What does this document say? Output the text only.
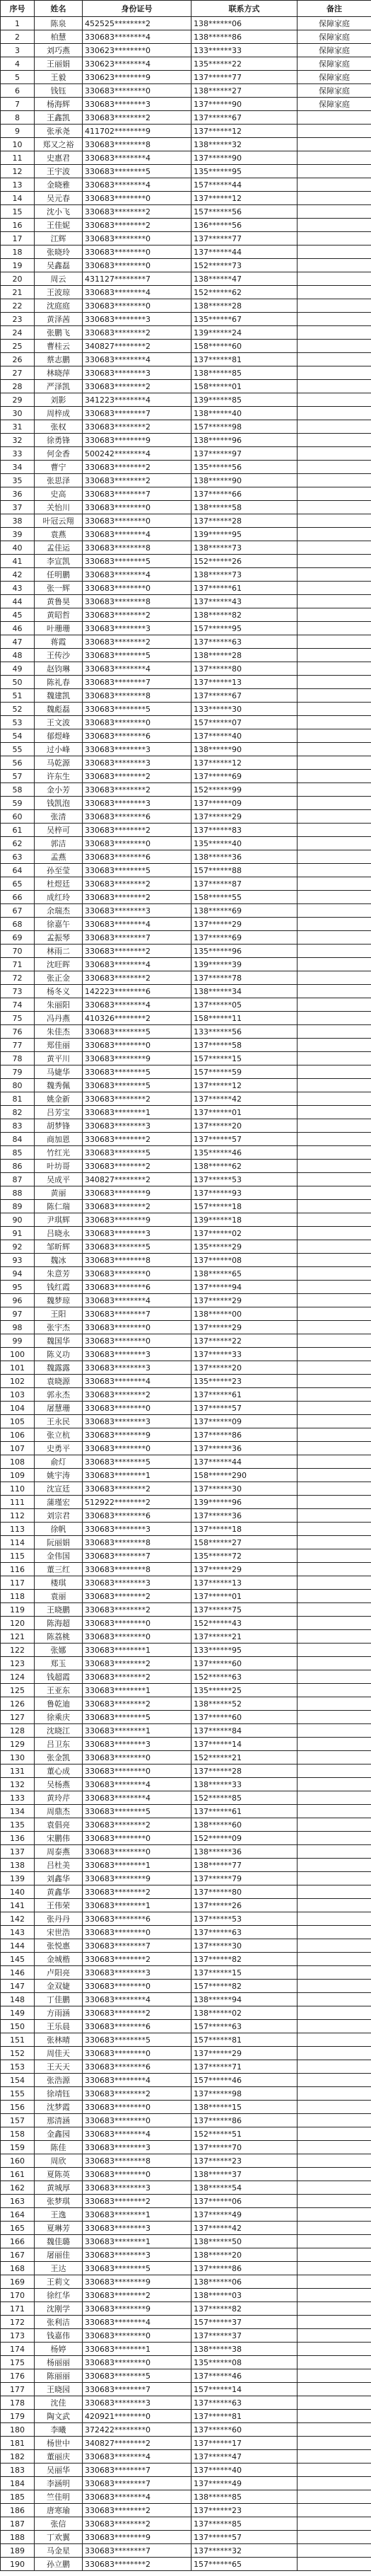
序号	姓名	身份证号	联系方式	备注
1	陈泉	452525********2	138******06	保障家庭
2	柏慧	330683********4	138******86	保障家庭
3	刘巧燕	330623********0	133******33	保障家庭
4	王丽娟	330623********4	135******22	保障家庭
5	王毅	330623********9	137******77	保障家庭
6	钱钰	330683********0	138******27	保障家庭
7	杨海辉	330683********3	137******90	保障家庭
8	王鑫凯	330683********2	137******67	
9	张承尧	411702********9	137******12	
10	郑又之裕	330683********8	138******32	
11	史惠君	330683********4	137******90	
12	王宇波	330683********5	135******95	
13	金晓雅	330683********4	157******44	
14	吴元春	330683********0	137******12	
15	沈小飞	330683********2	157******56	
16	王佳妮	330683********2	136******56	
17	江辉	330683********0	137******77	
18	张晓玲	330683********0	137******44	
19	吴鑫磊	330683********0	152******73	
20	周云	431127********7	138******47	
21	王波琼	330683********4	152******62	
22	沈庭庭	330683********0	138******28	
23	黄泽茜	330683********3	135******67	
24	张鹏飞	330683********2	139******24	
25	曹桂云	340827********2	158******60	
26	蔡志鹏	330683********4	137******81	
27	林晓萍	330683********3	138******85	
28	严泽凯	330683********2	158******01	
29	刘影	341223********4	139******85	
30	周梓成	330683********7	138******40	
31	张权	330683********2	157******98	
32	徐勇锋	330683********9	138******96	
33	何金香	500242********4	137******97	
34	曹宁	330683********2	135******56	
35	张思泽	330683********2	138******90	
36	史高	330683********7	137******66	
37	关怡川	330683********0	138******58	
38	叶冠云翔	330683********0	137******28	
39	袁燕	330683********4	139******95	
40	孟佳运	330683********8	138******73	
41	李宣凯	330683********5	152******26	
42	任明鹏	330683********4	138******73	
43	张一辉	330683********0	137******61	
44	黄鲁昊	330683********8	137******43	
45	黄昭哲	330683********2	138******82	
46	叶珊珊	330683********3	157******95	
47	蒋霞	330683********2	137******63	
48	王传沙	330683********5	138******28	
49	赵钧琳	330683********4	137******80	
50	陈礼春	330683********7	137******13	
51	魏建凯	330683********8	137******67	
52	魏彪磊	330683********5	133******30	
53	王文波	330683********0	157******07	
54	郁煜峰	330683********6	137******40	
55	过小峰	330683********3	138******90	
56	马乾源	330683********3	137******12	
57	许东生	330683********2	137******69	
58	金小芳	330683********2	152******99	
59	钱凯泡	330683********3	137******09	
60	张清	330683********6	137******29	
61	吴梓可	330683********2	137******83	
62	郭洁	330683********0	135******40	
63	孟燕	330683********6	138******36	
64	孙至莹	330683********5	157******88	
65	杜煜廷	330683********2	137******87	
66	成红玲	330683********2	158******55	
67	余瑞杰	330683********3	138******69	
68	徐嘉午	330683********4	137******29	
69	孟振琴	330683********7	137******69	
70	林雨二	330683********2	135******96	
71	沈旺晖	330683********4	139******39	
72	张正金	330683********2	137******78	
73	杨冬义	142223********6	138******34	
74	朱丽阳	330683********4	137******05	
75	冯丹燕	410326********2	158******11	
76	朱佳杰	330683********5	133******56	
77	郑佳丽	330683********0	137******58	
78	黄平川	330683********9	157******15	
79	马婕华	330683********5	157******59	
80	魏秀佩	330683********5	137******12	
81	姚金新	330683********2	137******42	
82	吕芳宝	330683********1	137******01	
83	胡梦锋	330683********3	137******20	
84	商加恩	330683********2	137******57	
85	竹红光	330683********5	135******46	
86	叶坊哥	330683********2	138******62	
87	吴成平	340827********2	137******53	
88	黄丽	330683********9	137******93	
89	陈仁瑞	330683********2	157******18	
90	尹琪辉	330683********9	139******18	
91	吕晓永	330683********3	137******02	
92	邹昕辉	330683********5	135******29	
93	魏冰	330683********8	137******08	
94	朱意芳	330683********0	138******65	
95	钱红霞	330683********6	137******94	
96	魏梦琼	330683********4	137******29	
97	王阳	330683********7	138******00	
98	张宇杰	330683********0	137******29	
99	魏国华	330683********0	137******22	
100	陈义功	330683********3	137******33	
101	魏露露	330683********3	137******20	
102	袁晓源	330683********4	135******23	
103	郭永杰	330683********2	137******61	
104	屠慧珊	330683********0	137******57	
105	王永民	330683********3	137******09	
106	张立杭	330683********9	137******86	
107	史勇平	330683********0	137******36	
108	俞灯	330683********5	137******44	
109	姚宇涛	330683********1	158******290	
110	沈宣廷	330683********2	137******30	
111	蒲瑾宏	512922********2	139******96	
112	刘宗君	330683********6	137******36	
113	徐帆	330683********3	137******18	
114	阮丽娟	330683********8	158******27	
115	金伟国	330683********7	135******72	
116	董三红	330683********8	137******29	
117	楼琪	330683********3	137******13	
118	袁丽	330683********2	137******01	
119	王晓鹏	330683********2	137******75	
120	陈海超	330683********0	152******43	
121	陈荔桃	330683********0	137******21	
122	张娜	330683********1	133******95	
123	郑玉	330683********2	137******60	
124	钱超霞	330683********2	152******63	
125	王亚东	330683********1	135******25	
126	鲁乾迪	330683********2	138******52	
127	徐乘庆	330683********5	137******60	
128	沈晓江	330683********1	137******84	
129	吕卫东	330683********3	137******14	
130	张金凯	330683********0	152******21	
131	董心成	330683********0	137******28	
132	吴杨燕	330683********4	138******33	
133	黄玲芹	330683********4	152******85	
134	周鼎杰	330683********5	137******61	
135	袁倡亮	330683********2	138******60	
136	宋鹏伟	330683********0	152******09	
137	周泰燕	330683********0	138******36	
138	吕杜美	330683********1	138******77	
139	刘鑫华	330683********9	137******79	
140	黄鑫华	330683********2	137******80	
141	王伟荣	330683********1	137******26	
142	张丹丹	330683********6	137******53	
143	宋世浩	330683********0	137******63	
144	张悦惠	330683********7	137******30	
145	金城楷	330683********2	137******82	
146	卢阳亮	330683********3	137******15	
147	金双婕	330683********0	157******82	
148	丁佳鹏	330683********4	138******94	
149	方雨涵	330683********2	138******02	
150	王乐晨	330683********6	157******63	
151	张林晴	330683********5	157******81	
152	周佳天	330683********0	137******29	
153	王天天	330683********6	137******71	
154	张浩源	330683********4	157******46	
155	徐靖钰	330683********2	137******98	
156	沈梦霞	330683********0	138******15	
157	那清涵	330683********0	137******86	
158	金鑫园	330683********4	152******51	
159	陈佳	330683********3	137******70	
160	周欣	330683********8	137******23	
161	夏陈英	330683********0	138******37	
162	黄城厚	330683********3	138******54	
163	张梦琪	330683********2	137******06	
164	王逸	330683********1	137******49	
165	夏琳芳	330683********3	137******42	
166	魏佳璐	330683********1	138******50	
167	屠丽佳	330683********3	138******20	
168	王达	330683********5	137******86	
169	王莉文	330683********9	138******06	
170	徐红华	330683********2	138******03	
171	沈刚学	330683********9	137******82	
172	张利洁	330683********4	157******37	
173	钱嘉伟	330683********0	137******37	
174	杨婷	330683********1	138******38	
175	杨丽丽	330683********0	135******08	
176	陈丽丽	330683********5	137******46	
177	王晓园	330683********7	157******14	
178	沈佳	330683********3	137******63	
179	陶文武	420921********0	137******81	
180	李曦	372422********0	137******60	
181	杨世中	340827********2	137******17	
182	董丽庆	330683********4	137******47	
183	吴丽华	330683********7	137******40	
184	李涵明	330683********7	137******49	
185	竺佳明	330683********4	138******85	
186	唐寒瑜	330683********2	137******23	
187	张信	330683********2	137******85	
188	丁欢翼	330683********9	137******57	
189	马金星	330683********7	137******32	
190	孙立鹏	330683********2	157******65	
